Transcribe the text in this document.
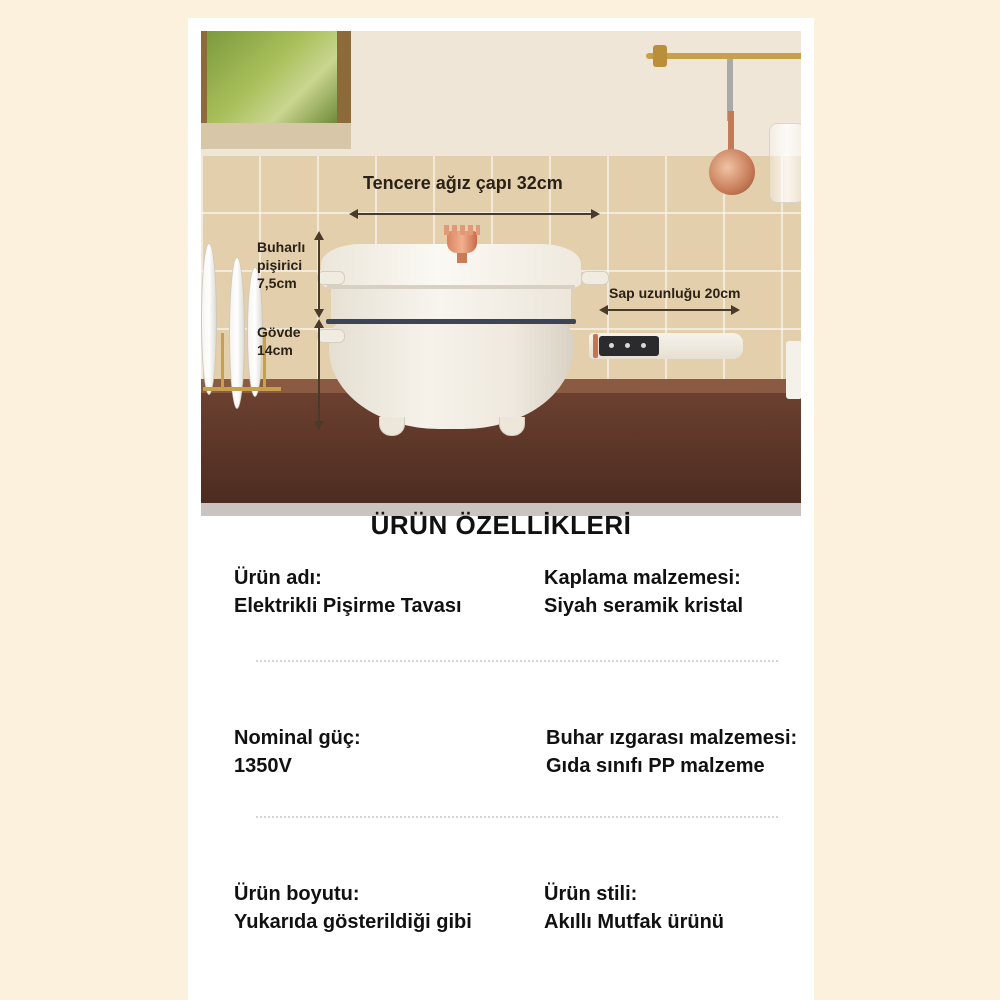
Tencere ağız çapı 32cm
Sap uzunluğu 20cm
Buharlı pişirici 7,5cm
Gövde 14cm
ÜRÜN ÖZELLİKLERİ
Ürün adı:
Elektrikli Pişirme Tavası
Kaplama malzemesi:
Siyah seramik kristal
Nominal güç:
1350V
Buhar ızgarası malzemesi:
Gıda sınıfı PP malzeme
Ürün boyutu:
Yukarıda gösterildiği gibi
Ürün stili:
Akıllı Mutfak ürünü
